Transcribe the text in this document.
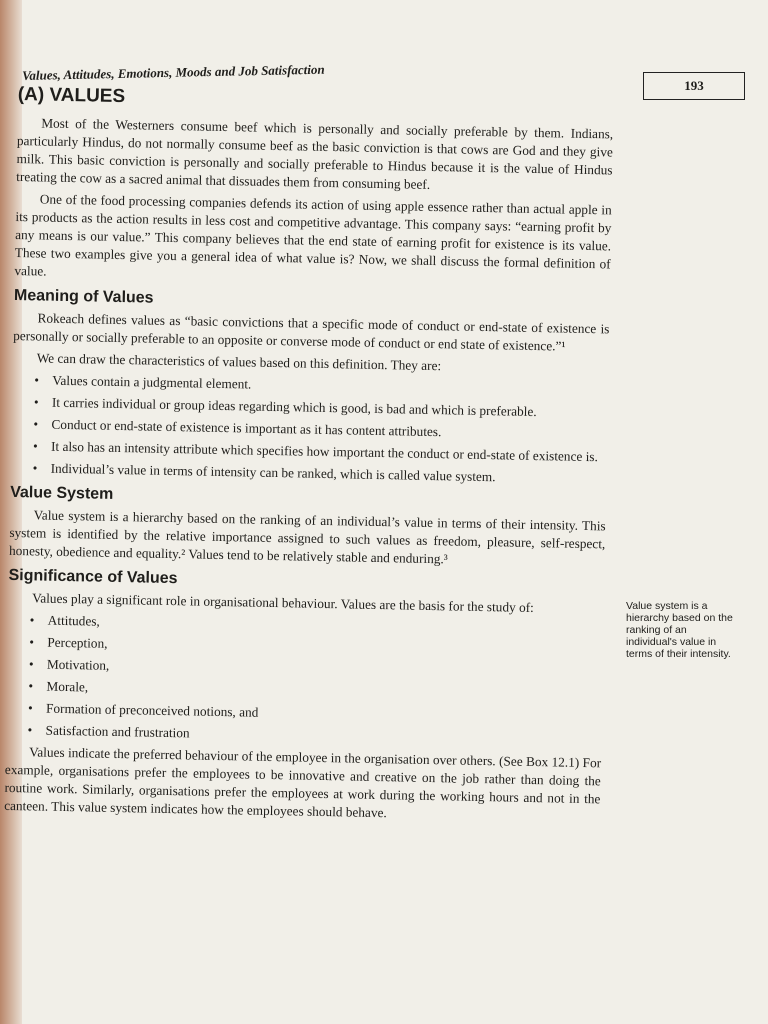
Values, Attitudes, Emotions, Moods and Job Satisfaction
193
(A) VALUES

Most of the Westerners consume beef which is personally and socially preferable by them. Indians, particularly Hindus, do not normally consume beef as the basic conviction is that cows are God and they give milk. This basic conviction is personally and socially preferable to Hindus because it is the value of Hindus treating the cow as a sacred animal that dissuades them from consuming beef.

One of the food processing companies defends its action of using apple essence rather than actual apple in its products as the action results in less cost and competitive advantage. This company says: “earning profit by any means is our value.” This company believes that the end state of earning profit for existence is its value. These two examples give you a general idea of what value is? Now, we shall discuss the formal definition of value.

Meaning of Values

Rokeach defines values as “basic convictions that a specific mode of conduct or end-state of existence is personally or socially preferable to an opposite or converse mode of conduct or end state of existence.”¹

We can draw the characteristics of values based on this definition. They are:

• Values contain a judgmental element.
• It carries individual or group ideas regarding which is good, is bad and which is preferable.
• Conduct or end-state of existence is important as it has content attributes.
• It also has an intensity attribute which specifies how important the conduct or end-state of existence is.
• Individual’s value in terms of intensity can be ranked, which is called value system.
Value System

Value system is a hierarchy based on the ranking of an individual’s value in terms of their intensity. This system is identified by the relative importance assigned to such values as freedom, pleasure, self-respect, honesty, obedience and equality.² Values tend to be relatively stable and enduring.³

Significance of Values

Values play a significant role in organisational behaviour. Values are the basis for the study of:

• Attitudes,
• Perception,
• Motivation,
• Morale,
• Formation of preconceived notions, and
• Satisfaction and frustration

Values indicate the preferred behaviour of the employee in the organisation over others. (See Box 12.1) For example, organisations prefer the employees to be innovative and creative on the job rather than doing the routine work. Similarly, organisations prefer the employees at work during the working hours and not in the canteen. This value system indicates how the employees should behave.

Value system is a hierarchy based on the ranking of an individual's value in terms of their intensity.
